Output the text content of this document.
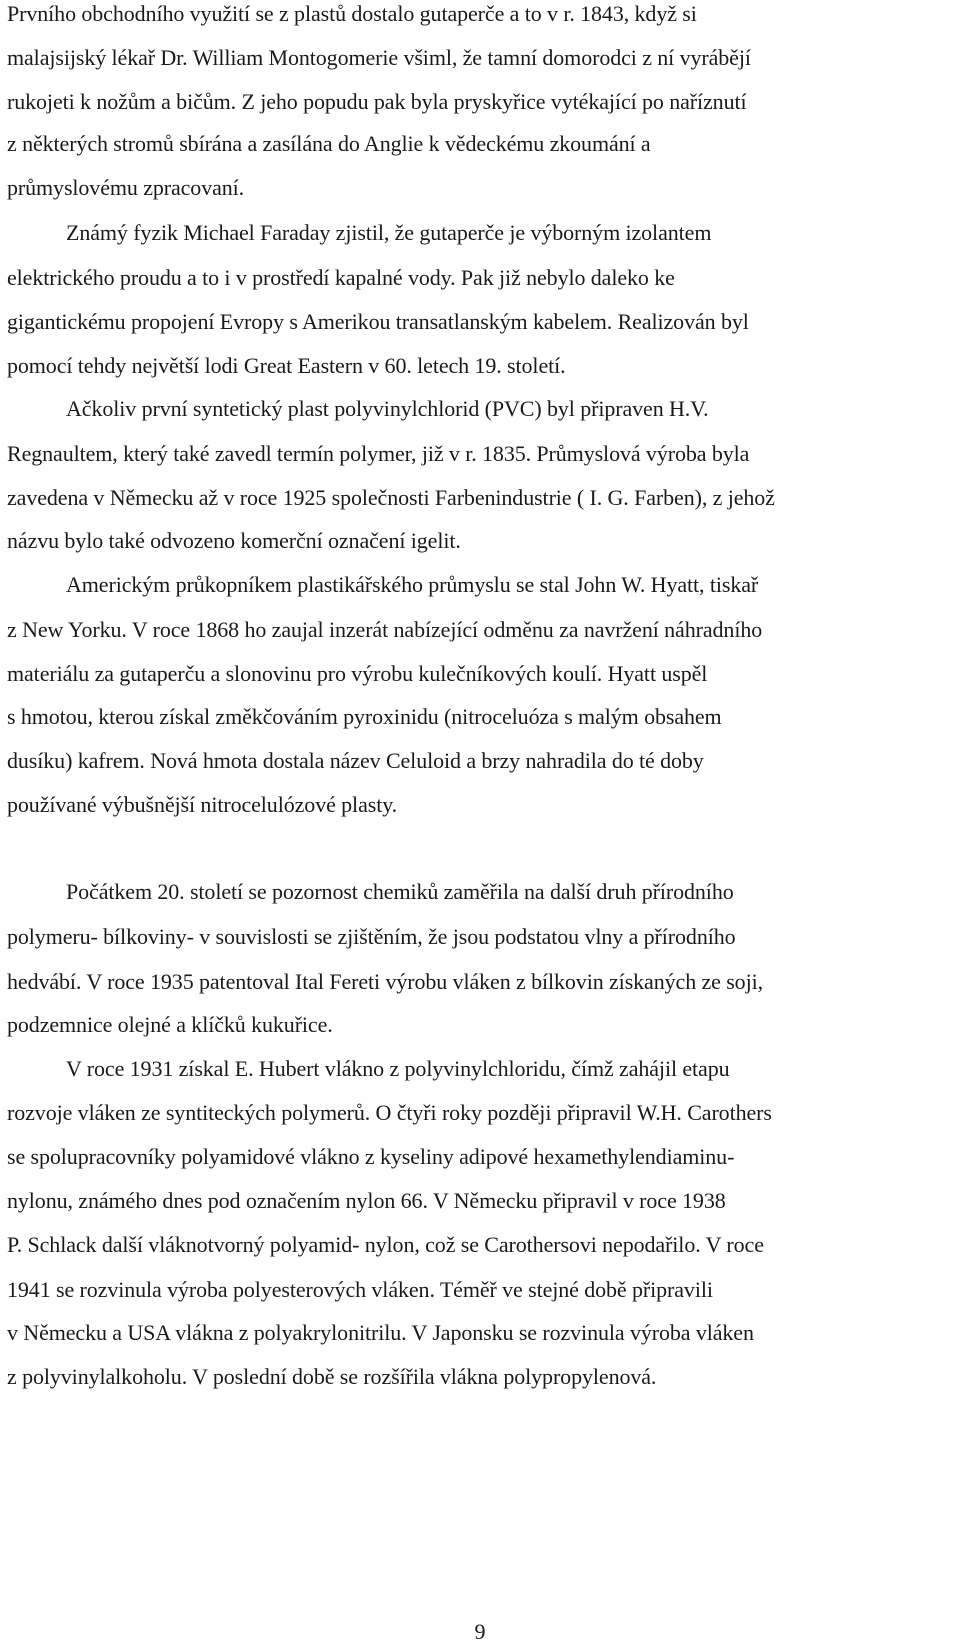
Prvního obchodního využití se z plastů dostalo gutaperče a to v r. 1843, když si
malajsijský lékař Dr. William Montogomerie všiml, že tamní domorodci z ní vyrábějí
rukojeti k nožům a bičům. Z jeho popudu pak byla pryskyřice vytékající po naříznutí
z některých stromů sbírána a zasílána do Anglie k vědeckému zkoumání a
průmyslovému zpracovaní.
Známý fyzik Michael Faraday zjistil, že gutaperče je výborným izolantem
elektrického proudu a to i v prostředí kapalné vody. Pak již nebylo daleko ke
gigantickému propojení Evropy s Amerikou transatlanským kabelem. Realizován byl
pomocí tehdy největší lodi Great Eastern v 60. letech 19. století.
Ačkoliv první syntetický plast polyvinylchlorid (PVC) byl připraven H.V.
Regnaultem, který také zavedl termín polymer, již v r. 1835. Průmyslová výroba byla
zavedena v Německu až v roce 1925 společnosti Farbenindustrie ( I. G. Farben), z jehož
názvu bylo také odvozeno komerční označení igelit.
Americkým průkopníkem plastikářského průmyslu se stal John W. Hyatt, tiskař
z New Yorku. V roce 1868 ho zaujal inzerát nabízející odměnu za navržení náhradního
materiálu za gutaperču a slonovinu pro výrobu kulečníkových koulí. Hyatt uspěl
s hmotou, kterou získal změkčováním pyroxinidu (nitroceluóza s malým obsahem
dusíku) kafrem. Nová hmota dostala název Celuloid a brzy nahradila do té doby
používané výbušnější nitrocelulózové plasty.
Počátkem 20. století se pozornost chemiků zaměřila na další druh přírodního
polymeru- bílkoviny- v souvislosti se zjištěním, že jsou podstatou vlny a přírodního
hedvábí. V roce 1935 patentoval Ital Fereti výrobu vláken z bílkovin získaných ze soji,
podzemnice olejné a klíčků kukuřice.
V roce 1931 získal E. Hubert vlákno z polyvinylchloridu, čímž zahájil etapu
rozvoje vláken ze syntiteckých polymerů. O čtyři roky později připravil W.H. Carothers
se spolupracovníky polyamidové vlákno z kyseliny adipové hexamethylendiaminu-
nylonu, známého dnes pod označením nylon 66. V Německu připravil v roce 1938
P. Schlack další vláknotvorný polyamid- nylon, což se Carothersovi nepodařilo. V roce
1941 se rozvinula výroba polyesterových vláken. Téměř ve stejné době připravili
v Německu a USA vlákna z polyakrylonitrilu. V Japonsku se rozvinula výroba vláken
z polyvinylalkoholu. V poslední době se rozšířila vlákna polypropylenová.
9
